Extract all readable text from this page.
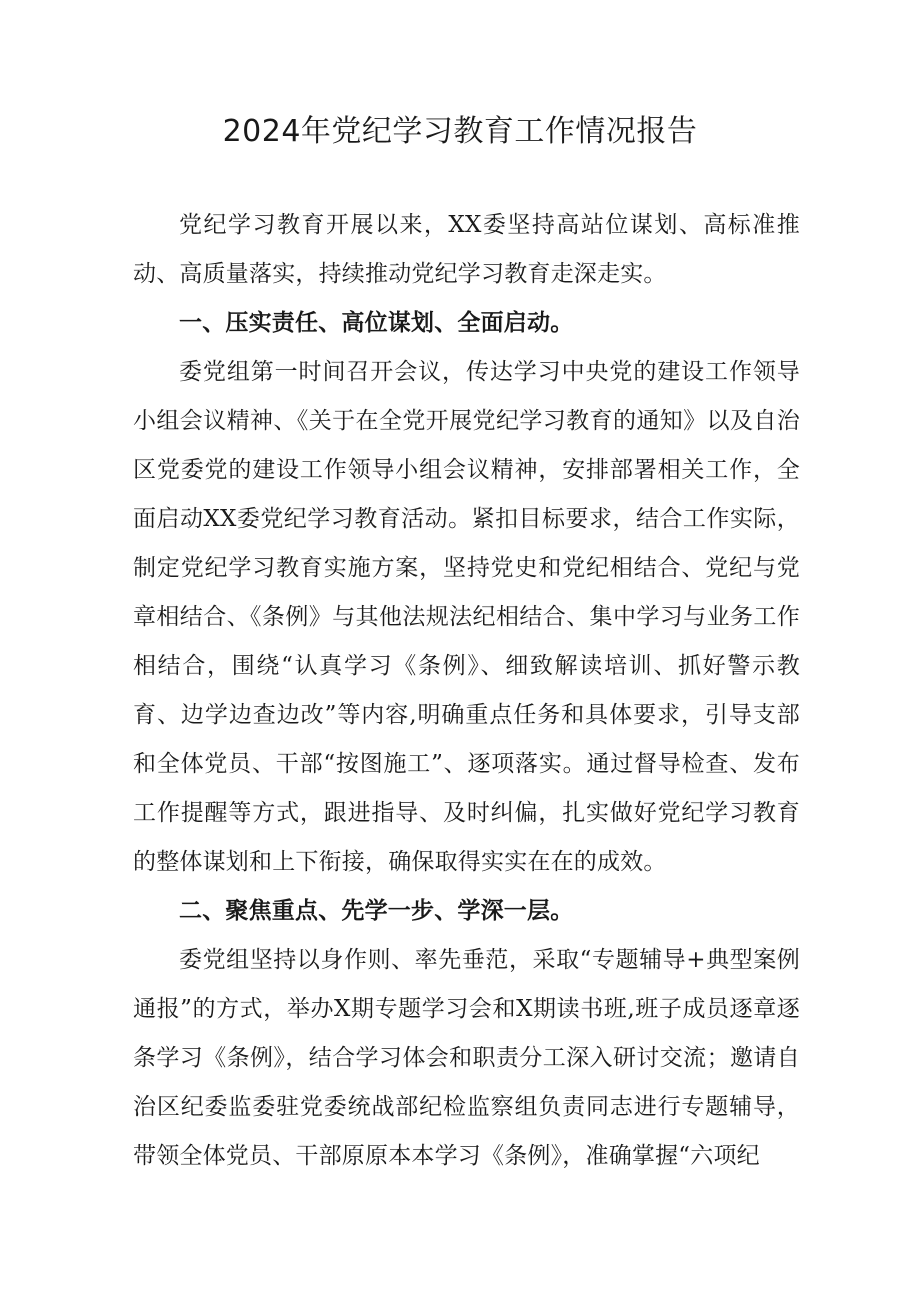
2024年党纪学习教育工作情况报告

党纪学习教育开展以来，XX委坚持高站位谋划、高标准推动、高质量落实，持续推动党纪学习教育走深走实。

一、压实责任、高位谋划、全面启动。

委党组第一时间召开会议，传达学习中央党的建设工作领导小组会议精神、《关于在全党开展党纪学习教育的通知》以及自治区党委党的建设工作领导小组会议精神，安排部署相关工作，全面启动XX委党纪学习教育活动。紧扣目标要求，结合工作实际，制定党纪学习教育实施方案，坚持党史和党纪相结合、党纪与党章相结合、《条例》与其他法规法纪相结合、集中学习与业务工作相结合，围绕“认真学习《条例》、细致解读培训、抓好警示教育、边学边查边改”等内容,明确重点任务和具体要求，引导支部和全体党员、干部“按图施工”、逐项落实。通过督导检查、发布工作提醒等方式，跟进指导、及时纠偏，扎实做好党纪学习教育的整体谋划和上下衔接，确保取得实实在在的成效。

二、聚焦重点、先学一步、学深一层。

委党组坚持以身作则、率先垂范，采取“专题辅导+典型案例通报”的方式，举办X期专题学习会和X期读书班,班子成员逐章逐条学习《条例》，结合学习体会和职责分工深入研讨交流；邀请自治区纪委监委驻党委统战部纪检监察组负责同志进行专题辅导，带领全体党员、干部原原本本学习《条例》，准确掌握“六项纪
